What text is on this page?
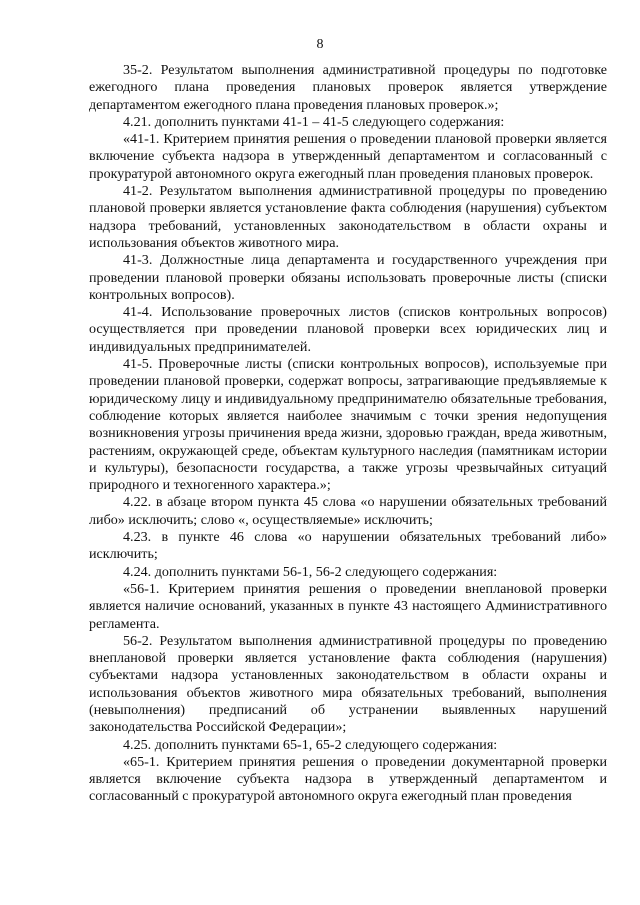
8

35-2. Результатом выполнения административной процедуры по подготовке ежегодного плана проведения плановых проверок является утверждение департаментом ежегодного плана проведения плановых проверок.»;

4.21. дополнить пунктами 41-1 – 41-5 следующего содержания:

«41-1. Критерием принятия решения о проведении плановой проверки является включение субъекта надзора в утвержденный департаментом и согласованный с прокуратурой автономного округа ежегодный план проведения плановых проверок.

41-2. Результатом выполнения административной процедуры по проведению плановой проверки является установление факта соблюдения (нарушения) субъектом надзора требований, установленных законодательством в области охраны и использования объектов животного мира.

41-3. Должностные лица департамента и государственного учреждения при проведении плановой проверки обязаны использовать проверочные листы (списки контрольных вопросов).

41-4. Использование проверочных листов (списков контрольных вопросов) осуществляется при проведении плановой проверки всех юридических лиц и индивидуальных предпринимателей.

41-5. Проверочные листы (списки контрольных вопросов), используемые при проведении плановой проверки, содержат вопросы, затрагивающие предъявляемые к юридическому лицу и индивидуальному предпринимателю обязательные требования, соблюдение которых является наиболее значимым с точки зрения недопущения возникновения угрозы причинения вреда жизни, здоровью граждан, вреда животным, растениям, окружающей среде, объектам культурного наследия (памятникам истории и культуры), безопасности государства, а также угрозы чрезвычайных ситуаций природного и техногенного характера.»;

4.22. в абзаце втором пункта 45 слова «о нарушении обязательных требований либо» исключить; слово «, осуществляемые» исключить;

4.23. в пункте 46 слова «о нарушении обязательных требований либо» исключить;

4.24. дополнить пунктами 56-1, 56-2 следующего содержания:

«56-1. Критерием принятия решения о проведении внеплановой проверки является наличие оснований, указанных в пункте 43 настоящего Административного регламента.

56-2. Результатом выполнения административной процедуры по проведению внеплановой проверки является установление факта соблюдения (нарушения) субъектами надзора установленных законодательством в области охраны и использования объектов животного мира обязательных требований, выполнения (невыполнения) предписаний об устранении выявленных нарушений законодательства Российской Федерации»;

4.25. дополнить пунктами 65-1, 65-2 следующего содержания:

«65-1. Критерием принятия решения о проведении документарной проверки является включение субъекта надзора в утвержденный департаментом и согласованный с прокуратурой автономного округа ежегодный план проведения
